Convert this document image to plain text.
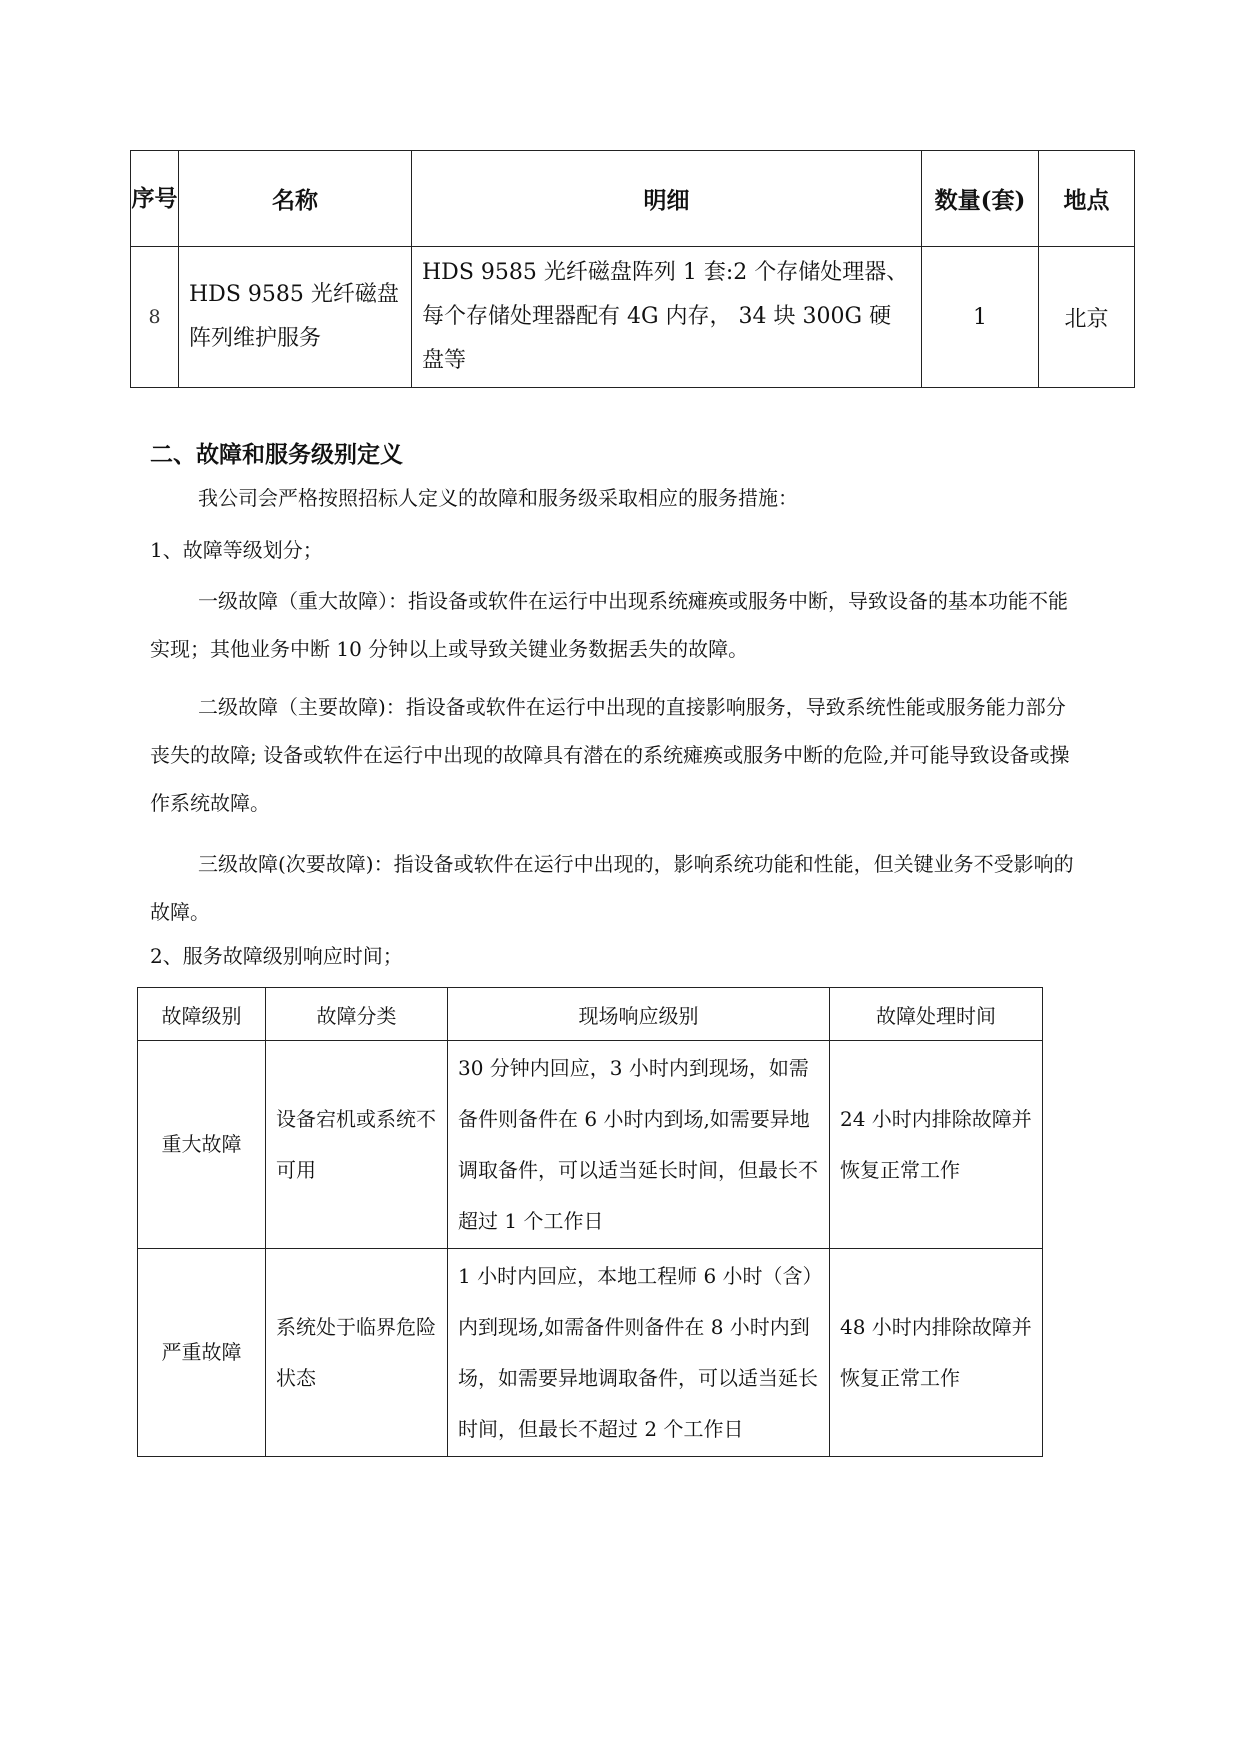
序号	名称	明细	数量(套)	地点
8	HDS 9585 光纤磁盘阵列维护服务	HDS 9585 光纤磁盘阵列 1 套:2 个存储处理器、每个存储处理器配有 4G 内存， 34 块 300G 硬盘等	1	北京
二、故障和服务级别定义
我公司会严格按照招标人定义的故障和服务级采取相应的服务措施：
1、故障等级划分；
一级故障（重大故障）：指设备或软件在运行中出现系统瘫痪或服务中断，导致设备的基本功能不能实现；其他业务中断 10 分钟以上或导致关键业务数据丢失的故障。
二级故障（主要故障)：指设备或软件在运行中出现的直接影响服务，导致系统性能或服务能力部分丧失的故障; 设备或软件在运行中出现的故障具有潜在的系统瘫痪或服务中断的危险,并可能导致设备或操作系统故障。
三级故障(次要故障)：指设备或软件在运行中出现的，影响系统功能和性能，但关键业务不受影响的故障。
2、服务故障级别响应时间；
故障级别	故障分类	现场响应级别	故障处理时间
重大故障	设备宕机或系统不可用	30 分钟内回应，3 小时内到现场，如需备件则备件在 6 小时内到场,如需要异地调取备件，可以适当延长时间，但最长不超过 1 个工作日	24 小时内排除故障并恢复正常工作
严重故障	系统处于临界危险状态	1 小时内回应，本地工程师 6 小时（含）内到现场,如需备件则备件在 8 小时内到场，如需要异地调取备件，可以适当延长时间，但最长不超过 2 个工作日	48 小时内排除故障并恢复正常工作
